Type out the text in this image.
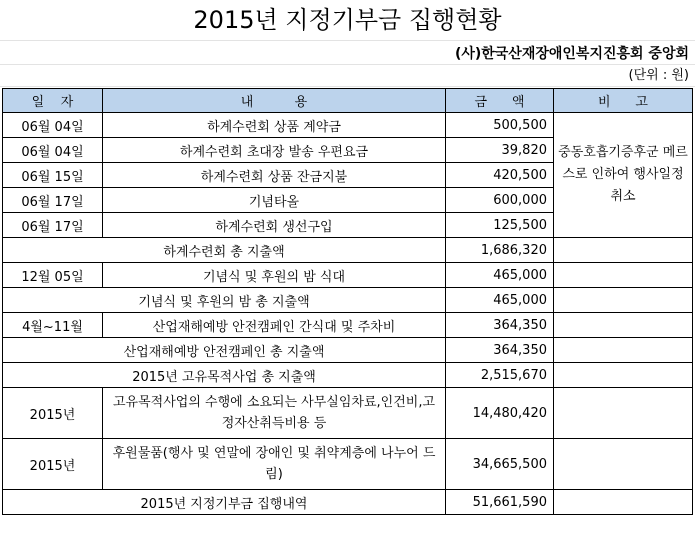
2015년 지정기부금 집행현황
(사)한국산재장애인복지진흥회 중앙회
(단위 : 원)
일    자	내          용	금      액	비      고
06월 04일	하계수련회 상품 계약금	500,500	중동호흡기증후군 메르스로 인하여 행사일정 취소
06월 04일	하계수련회 초대장 발송 우편요금	39,820	
06월 15일	하계수련회 상품 잔금지불	420,500	
06월 17일	기념타올	600,000	
06월 17일	하계수련회 생선구입	125,500	
하계수련회 총 지출액		1,686,320	
12월 05일	기념식 및 후원의 밤 식대	465,000	
기념식 및 후원의 밤 총 지출액		465,000	
4월~11월	산업재해예방 안전캠페인 간식대 및 주차비	364,350	
산업재해예방 안전캠페인 총 지출액		364,350	
2015년 고유목적사업 총 지출액		2,515,670	
2015년	고유목적사업의 수행에 소요되는 사무실임차료,인건비,고정자산취득비용 등	14,480,420	
2015년	후원물품(행사 및 연말에 장애인 및 취약계층에 나누어 드림)	34,665,500	
2015년 지정기부금 집행내역		51,661,590	
